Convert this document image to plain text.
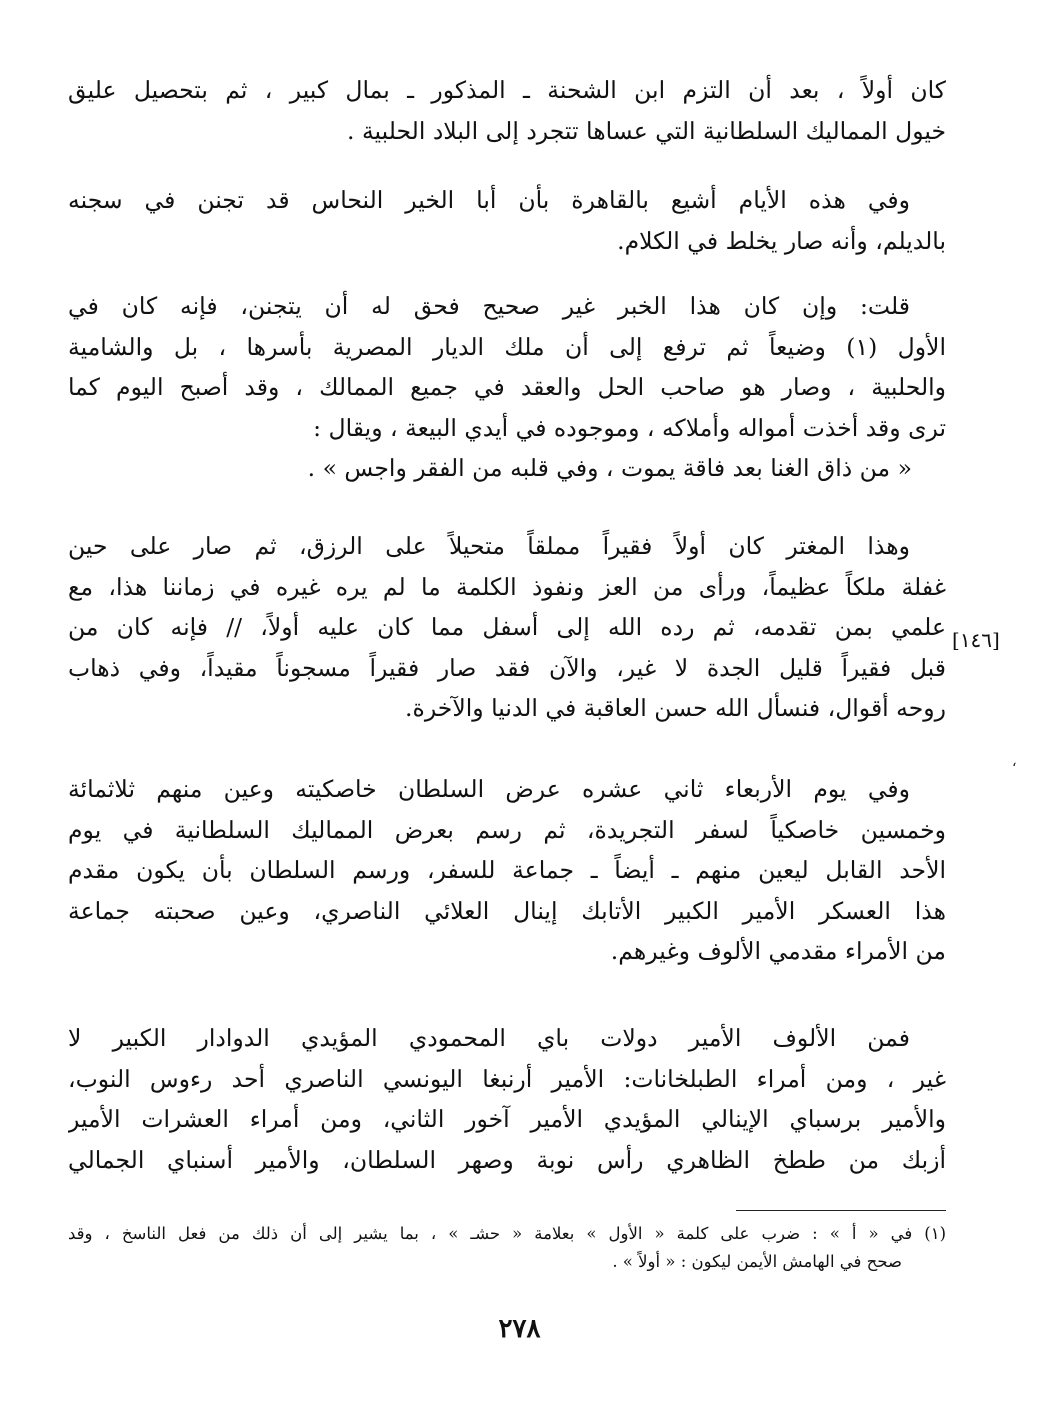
كان أولاً ، بعد أن التزم ابن الشحنة ـ المذكور ـ بمال كبير ، ثم بتحصيل عليق
خيول المماليك السلطانية التي عساها تتجرد إلى البلاد الحلبية .
وفي هذه الأيام أشيع بالقاهرة بأن أبا الخير النحاس قد تجنن في سجنه
بالديلم، وأنه صار يخلط في الكلام.
قلت: وإن كان هذا الخبر غير صحيح فحق له أن يتجنن، فإنه كان في
الأول (١) وضيعاً ثم ترفع إلى أن ملك الديار المصرية بأسرها ، بل والشامية
والحلبية ، وصار هو صاحب الحل والعقد في جميع الممالك ، وقد أصبح اليوم كما
ترى وقد أخذت أمواله وأملاكه ، وموجوده في أيدي البيعة ، ويقال :
« من ذاق الغنا بعد فاقة يموت ، وفي قلبه من الفقر واجس » .
وهذا المغتر كان أولاً فقيراً مملقاً متحيلاً على الرزق، ثم صار على حين
غفلة ملكاً عظيماً، ورأى من العز ونفوذ الكلمة ما لم يره غيره في زماننا هذا، مع
علمي بمن تقدمه، ثم رده الله إلى أسفل مما كان عليه أولاً، // فإنه كان من
قبل فقيراً قليل الجدة لا غير، والآن فقد صار فقيراً مسجوناً مقيداً، وفي ذهاب
روحه أقوال، فنسأل الله حسن العاقبة في الدنيا والآخرة.
[١٤٦]
‘
وفي يوم الأربعاء ثاني عشره عرض السلطان خاصكيته وعين منهم ثلاثمائة
وخمسين خاصكياً لسفر التجريدة، ثم رسم بعرض المماليك السلطانية في يوم
الأحد القابل ليعين منهم ـ أيضاً ـ جماعة للسفر، ورسم السلطان بأن يكون مقدم
هذا العسكر الأمير الكبير الأتابك إينال العلائي الناصري، وعين صحبته جماعة
من الأمراء مقدمي الألوف وغيرهم.
فمن الألوف الأمير دولات باي المحمودي المؤيدي الدوادار الكبير لا
غير ، ومن أمراء الطبلخانات: الأمير أرنبغا اليونسي الناصري أحد رءوس النوب،
والأمير برسباي الإينالي المؤيدي الأمير آخور الثاني، ومن أمراء العشرات الأمير
أزبك من ططخ الظاهري رأس نوبة وصهر السلطان، والأمير أسنباي الجمالي
(١) في « أ » : ضرب على كلمة « الأول » بعلامة « حشـ » ، بما يشير إلى أن ذلك من فعل الناسخ ، وقد
صحح في الهامش الأيمن ليكون : « أولاً » .
٢٧٨
